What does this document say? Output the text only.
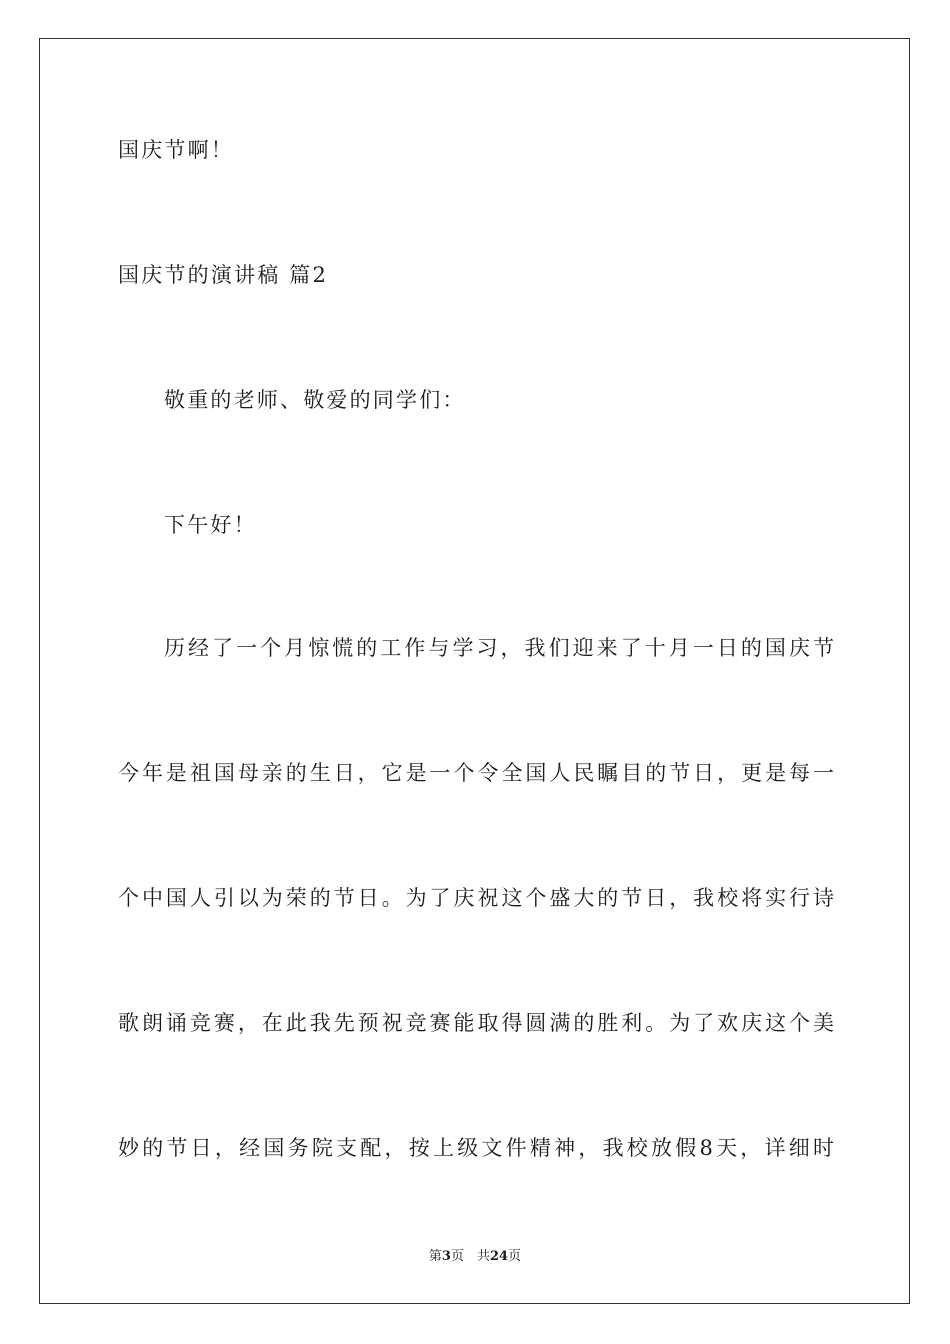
国庆节啊！

国庆节的演讲稿 篇2

敬重的老师、敬爱的同学们：

下午好！

历经了一个月惊慌的工作与学习，我们迎来了十月一日的国庆节

今年是祖国母亲的生日，它是一个令全国人民瞩目的节日，更是每一

个中国人引以为荣的节日。为了庆祝这个盛大的节日，我校将实行诗

歌朗诵竞赛，在此我先预祝竞赛能取得圆满的胜利。为了欢庆这个美

妙的节日，经国务院支配，按上级文件精神，我校放假8天，详细时

第3页　共24页
